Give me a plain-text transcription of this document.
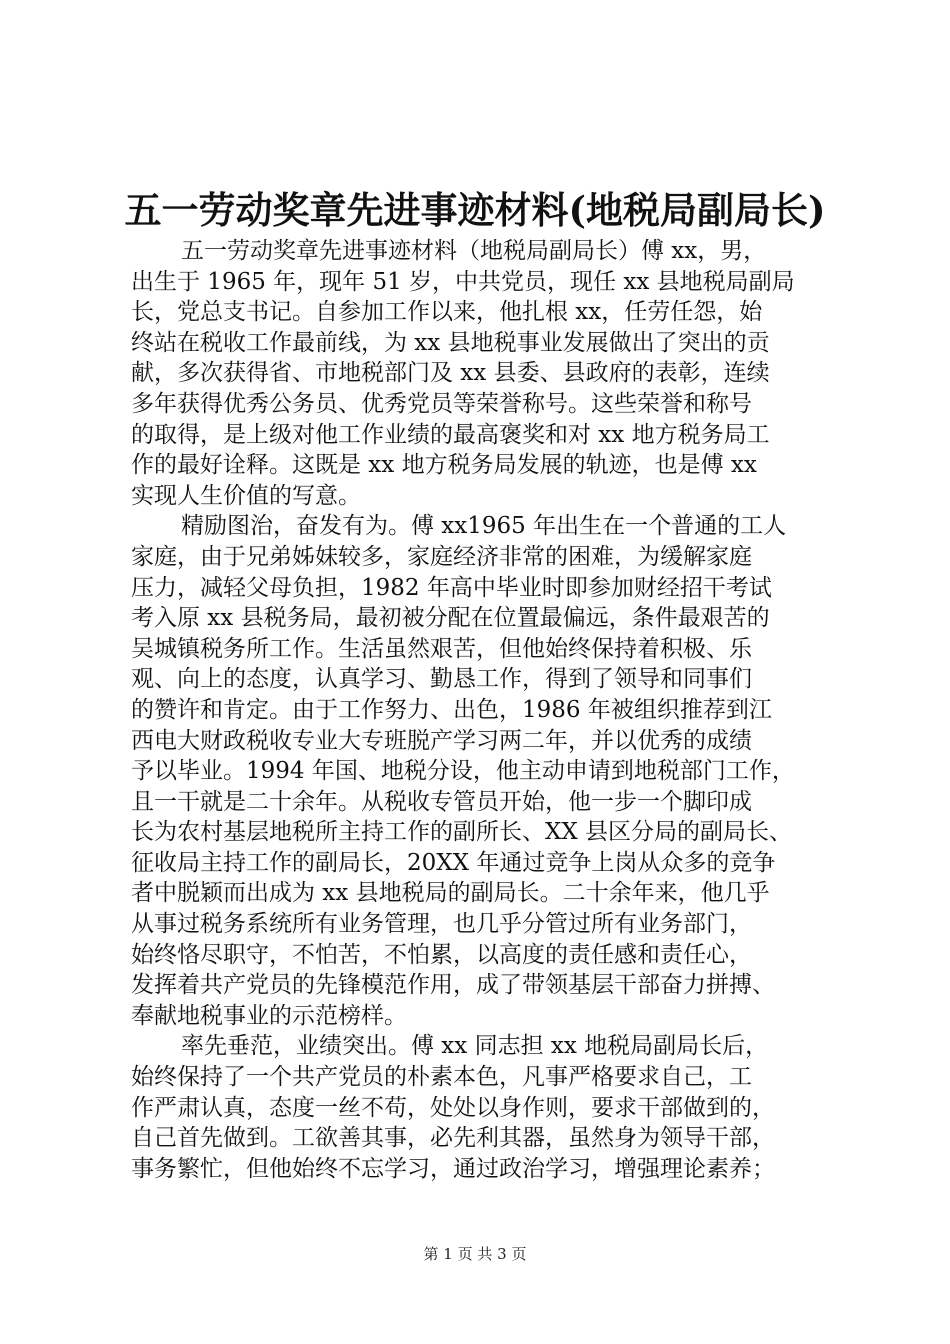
五一劳动奖章先进事迹材料(地税局副局长)
五一劳动奖章先进事迹材料（地税局副局长）傅 xx，男，
出生于 1965 年，现年 51 岁，中共党员，现任 xx 县地税局副局
长，党总支书记。自参加工作以来，他扎根 xx，任劳任怨，始
终站在税收工作最前线，为 xx 县地税事业发展做出了突出的贡
献，多次获得省、市地税部门及 xx 县委、县政府的表彰，连续
多年获得优秀公务员、优秀党员等荣誉称号。这些荣誉和称号
的取得，是上级对他工作业绩的最高褒奖和对 xx 地方税务局工
作的最好诠释。这既是 xx 地方税务局发展的轨迹，也是傅 xx
实现人生价值的写意。
精励图治，奋发有为。傅 xx1965 年出生在一个普通的工人
家庭，由于兄弟姊妹较多，家庭经济非常的困难，为缓解家庭
压力，减轻父母负担，1982 年高中毕业时即参加财经招干考试
考入原 xx 县税务局，最初被分配在位置最偏远，条件最艰苦的
吴城镇税务所工作。生活虽然艰苦，但他始终保持着积极、乐
观、向上的态度，认真学习、勤恳工作，得到了领导和同事们
的赞许和肯定。由于工作努力、出色，1986 年被组织推荐到江
西电大财政税收专业大专班脱产学习两二年，并以优秀的成绩
予以毕业。1994 年国、地税分设，他主动申请到地税部门工作，
且一干就是二十余年。从税收专管员开始，他一步一个脚印成
长为农村基层地税所主持工作的副所长、XX 县区分局的副局长、
征收局主持工作的副局长，20XX 年通过竞争上岗从众多的竞争
者中脱颖而出成为 xx 县地税局的副局长。二十余年来，他几乎
从事过税务系统所有业务管理，也几乎分管过所有业务部门，
始终恪尽职守，不怕苦，不怕累，以高度的责任感和责任心，
发挥着共产党员的先锋模范作用，成了带领基层干部奋力拼搏、
奉献地税事业的示范榜样。
率先垂范，业绩突出。傅 xx 同志担 xx 地税局副局长后，
始终保持了一个共产党员的朴素本色，凡事严格要求自己，工
作严肃认真，态度一丝不苟，处处以身作则，要求干部做到的，
自己首先做到。工欲善其事，必先利其器，虽然身为领导干部，
事务繁忙，但他始终不忘学习，通过政治学习，增强理论素养；
第 1 页 共 3 页
